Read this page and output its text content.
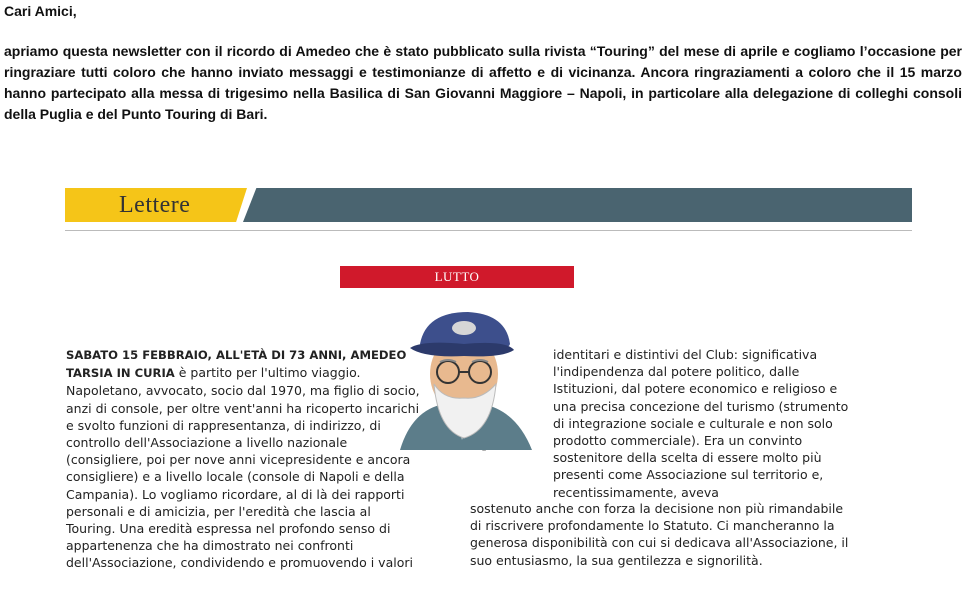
Cari Amici,
apriamo questa newsletter con il ricordo di Amedeo che è stato pubblicato sulla rivista “Touring” del mese di aprile e cogliamo l’occasione per ringraziare tutti coloro che hanno inviato messaggi e testimonianze di affetto e di vicinanza. Ancora ringraziamenti a coloro che il 15 marzo hanno partecipato alla messa di trigesimo nella Basilica di San Giovanni Maggiore – Napoli, in particolare alla delegazione di colleghi consoli della Puglia e del Punto Touring di Bari.
Lettere
LUTTO
SABATO 15 FEBBRAIO, ALL'ETÀ DI 73 ANNI, AMEDEO TARSIA IN CURIA è partito per l'ultimo viaggio. Napoletano, avvocato, socio dal 1970, ma figlio di socio, anzi di console, per oltre vent'anni ha ricoperto incarichi e svolto funzioni di rappresentanza, di indirizzo, di controllo dell'Associazione a livello nazionale (consigliere, poi per nove anni vicepresidente e ancora consigliere) e a livello locale (console di Napoli e della Campania). Lo vogliamo ricordare, al di là dei rapporti personali e di amicizia, per l'eredità che lascia al Touring. Una eredità espressa nel profondo senso di appartenenza che ha dimostrato nei confronti dell'Associazione, condividendo e promuovendo i valori
~
identitari e distintivi del Club: significativa l'indipendenza dal potere politico, dalle Istituzioni, dal potere economico e religioso e una precisa concezione del turismo (strumento di integrazione sociale e culturale e non solo prodotto commerciale). Era un convinto sostenitore della scelta di essere molto più presenti come Associazione sul territorio e, recentissimamente, aveva
sostenuto anche con forza la decisione non più rimandabile di riscrivere profondamente lo Statuto. Ci mancheranno la generosa disponibilità con cui si dedicava all'Associazione, il suo entusiasmo, la sua gentilezza e signorilità.
